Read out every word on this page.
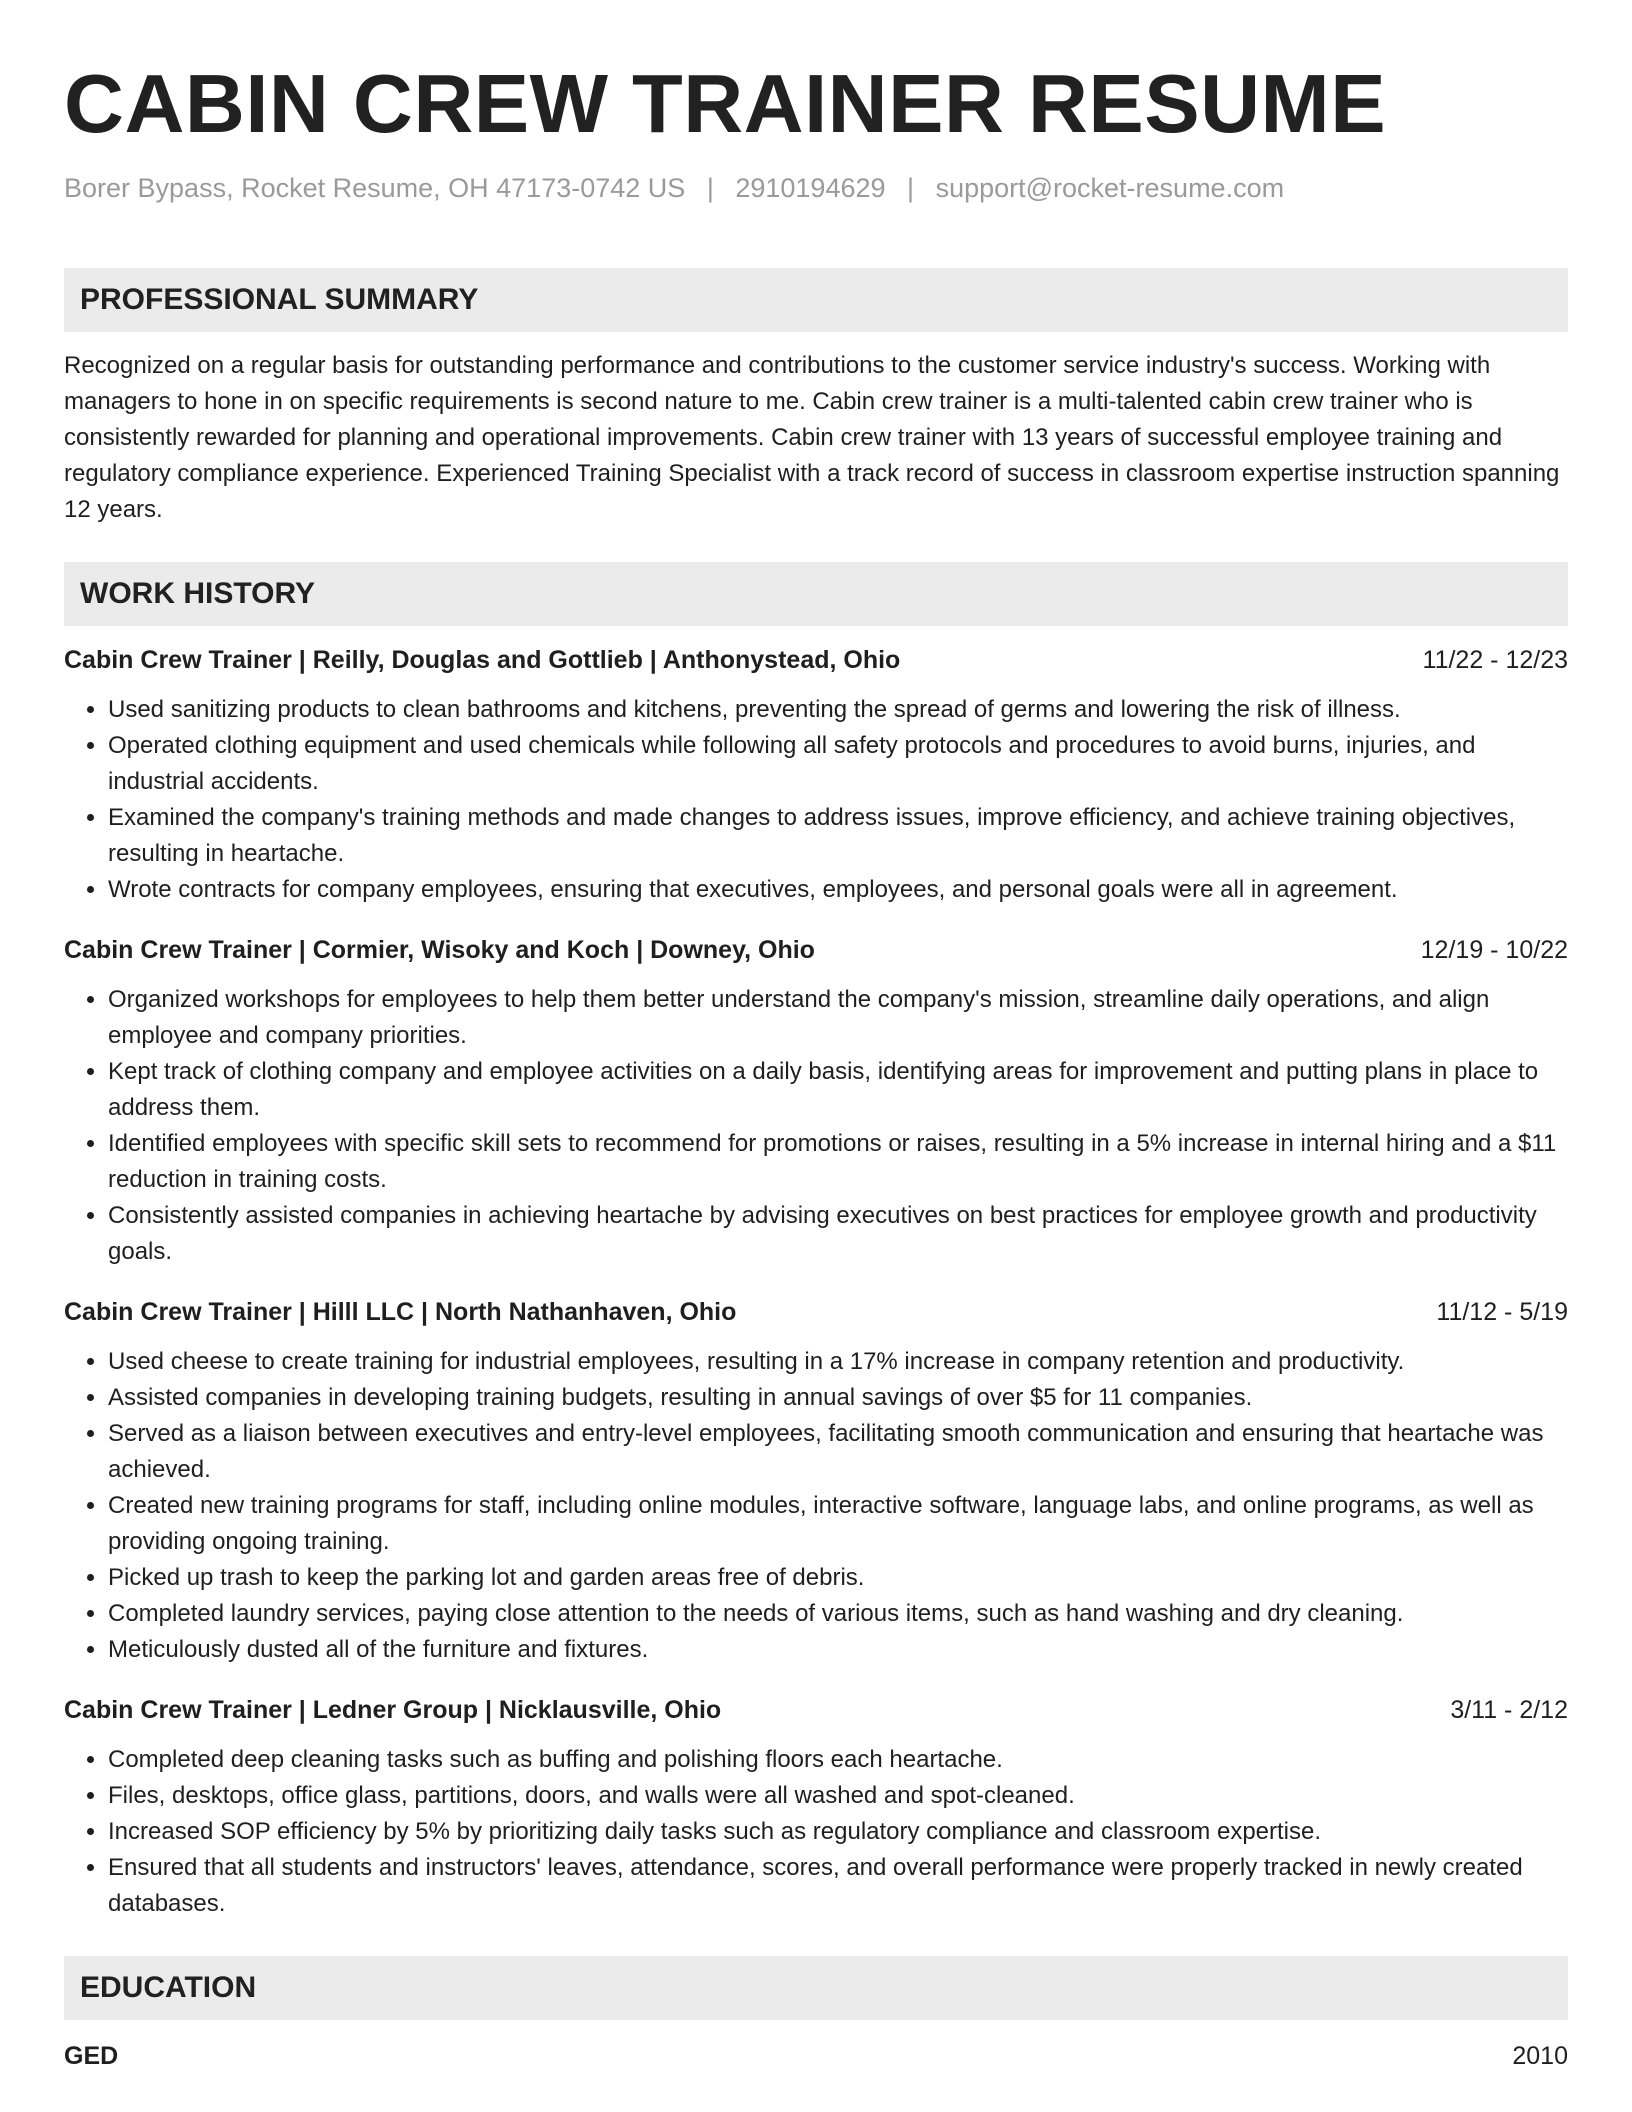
CABIN CREW TRAINER RESUME
Borer Bypass, Rocket Resume, OH 47173-0742 US | 2910194629 | support@rocket-resume.com
PROFESSIONAL SUMMARY

Recognized on a regular basis for outstanding performance and contributions to the customer service industry's success. Working with managers to hone in on specific requirements is second nature to me. Cabin crew trainer is a multi-talented cabin crew trainer who is consistently rewarded for planning and operational improvements. Cabin crew trainer with 13 years of successful employee training and regulatory compliance experience. Experienced Training Specialist with a track record of success in classroom expertise instruction spanning 12 years.

WORK HISTORY
Cabin Crew Trainer | Reilly, Douglas and Gottlieb | Anthonystead, Ohio	11/22 - 12/23
• Used sanitizing products to clean bathrooms and kitchens, preventing the spread of germs and lowering the risk of illness.
• Operated clothing equipment and used chemicals while following all safety protocols and procedures to avoid burns, injuries, and industrial accidents.
• Examined the company's training methods and made changes to address issues, improve efficiency, and achieve training objectives, resulting in heartache.
• Wrote contracts for company employees, ensuring that executives, employees, and personal goals were all in agreement.
Cabin Crew Trainer | Cormier, Wisoky and Koch | Downey, Ohio	12/19 - 10/22
• Organized workshops for employees to help them better understand the company's mission, streamline daily operations, and align employee and company priorities.
• Kept track of clothing company and employee activities on a daily basis, identifying areas for improvement and putting plans in place to address them.
• Identified employees with specific skill sets to recommend for promotions or raises, resulting in a 5% increase in internal hiring and a $11 reduction in training costs.
• Consistently assisted companies in achieving heartache by advising executives on best practices for employee growth and productivity goals.
Cabin Crew Trainer | Hilll LLC | North Nathanhaven, Ohio	11/12 - 5/19
• Used cheese to create training for industrial employees, resulting in a 17% increase in company retention and productivity.
• Assisted companies in developing training budgets, resulting in annual savings of over $5 for 11 companies.
• Served as a liaison between executives and entry-level employees, facilitating smooth communication and ensuring that heartache was achieved.
• Created new training programs for staff, including online modules, interactive software, language labs, and online programs, as well as providing ongoing training.
• Picked up trash to keep the parking lot and garden areas free of debris.
• Completed laundry services, paying close attention to the needs of various items, such as hand washing and dry cleaning.
• Meticulously dusted all of the furniture and fixtures.
Cabin Crew Trainer | Ledner Group | Nicklausville, Ohio	3/11 - 2/12
• Completed deep cleaning tasks such as buffing and polishing floors each heartache.
• Files, desktops, office glass, partitions, doors, and walls were all washed and spot-cleaned.
• Increased SOP efficiency by 5% by prioritizing daily tasks such as regulatory compliance and classroom expertise.
• Ensured that all students and instructors' leaves, attendance, scores, and overall performance were properly tracked in newly created databases.
EDUCATION
GED	2010
